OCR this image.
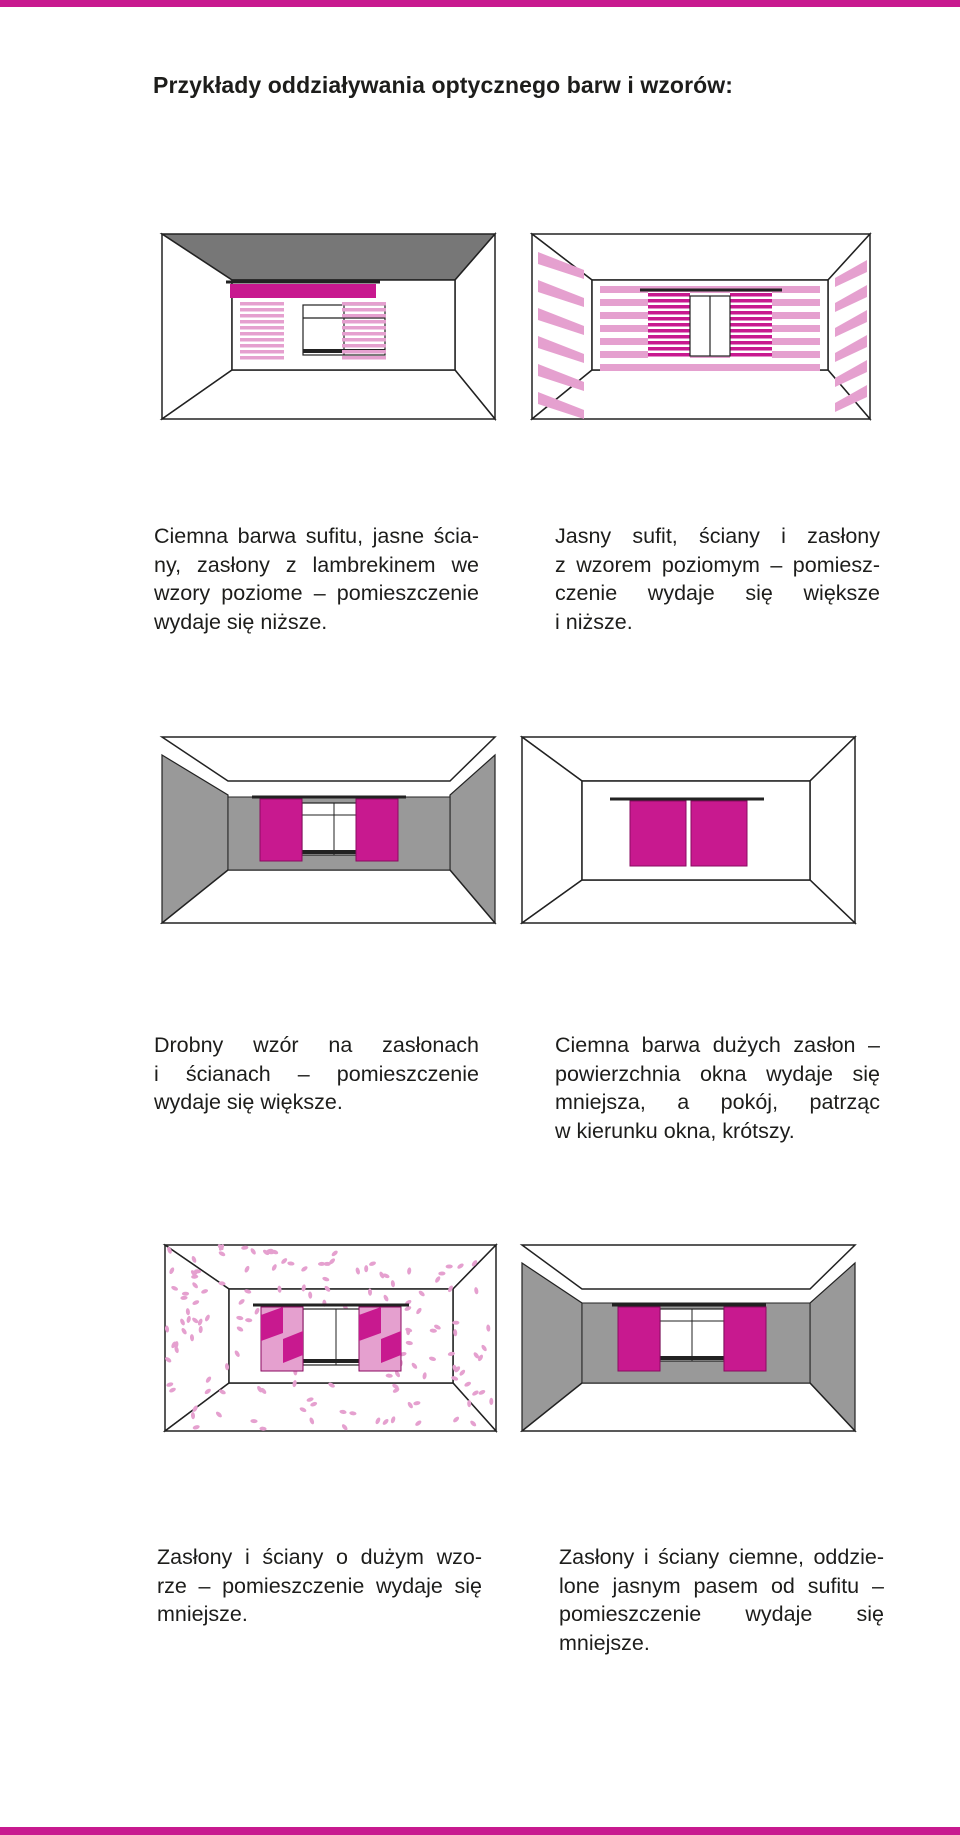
Przykłady oddziaływania optycznego barw i wzorów:

Ciemna barwa sufitu, jasne ścia-
ny, zasłony z lambrekinem we
wzory poziome – pomieszczenie
wydaje się niższe.

Jasny sufit, ściany i zasłony
z wzorem poziomym – pomiesz-
czenie wydaje się większe
i niższe.

Drobny wzór na zasłonach
i ścianach – pomieszczenie
wydaje się większe.

Ciemna barwa dużych zasłon –
powierzchnia okna wydaje się
mniejsza, a pokój, patrząc
w kierunku okna, krótszy.

Zasłony i ściany o dużym wzo-
rze – pomieszczenie wydaje się
mniejsze.

Zasłony i ściany ciemne, oddzie-
lone jasnym pasem od sufitu –
pomieszczenie wydaje się
mniejsze.
